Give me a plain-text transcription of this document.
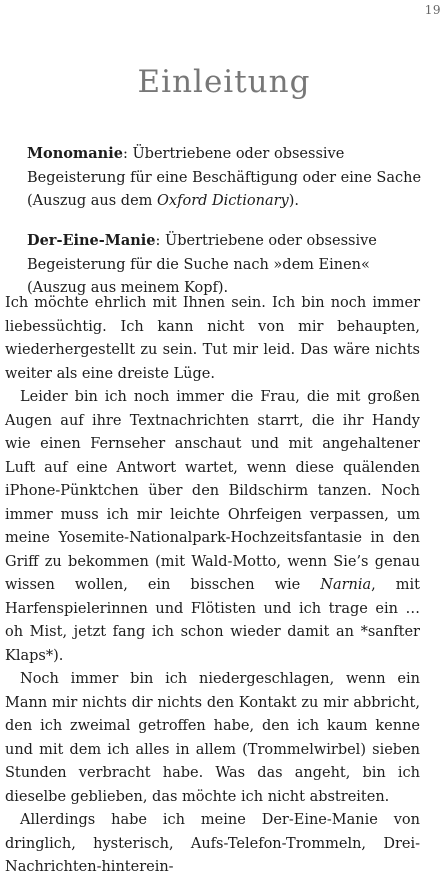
19
Einleitung

Monomanie: Übertriebene oder obsessive Begeisterung für eine Beschäftigung oder eine Sache (Auszug aus dem Oxford Dictionary).

Der-Eine-Manie: Übertriebene oder obsessive Begeisterung für die Suche nach »dem Einen« (Auszug aus meinem Kopf).

Ich möchte ehrlich mit Ihnen sein. Ich bin noch immer liebessüchtig. Ich kann nicht von mir behaupten, wiederhergestellt zu sein. Tut mir leid. Das wäre nichts weiter als eine dreiste Lüge.

Leider bin ich noch immer die Frau, die mit großen Augen auf ihre Textnachrichten starrt, die ihr Handy wie einen Fernseher anschaut und mit angehaltener Luft auf eine Antwort wartet, wenn diese quälenden iPhone-Pünktchen über den Bildschirm tanzen. Noch immer muss ich mir leichte Ohrfeigen verpassen, um meine Yosemite-Nationalpark-Hochzeitsfantasie in den Griff zu bekommen (mit Wald-Motto, wenn Sie’s genau wissen wollen, ein bisschen wie Narnia, mit Harfenspielerinnen und Flötisten und ich trage ein … oh Mist, jetzt fang ich schon wieder damit an *sanfter Klaps*).

Noch immer bin ich niedergeschlagen, wenn ein Mann mir nichts dir nichts den Kontakt zu mir abbricht, den ich zweimal getroffen habe, den ich kaum kenne und mit dem ich alles in allem (Trommelwirbel) sieben Stunden verbracht habe. Was das angeht, bin ich dieselbe geblieben, das möchte ich nicht abstreiten.

Allerdings habe ich meine Der-Eine-Manie von dringlich, hysterisch, Aufs-Telefon-Trommeln, Drei-Nachrichten-hinterein-
